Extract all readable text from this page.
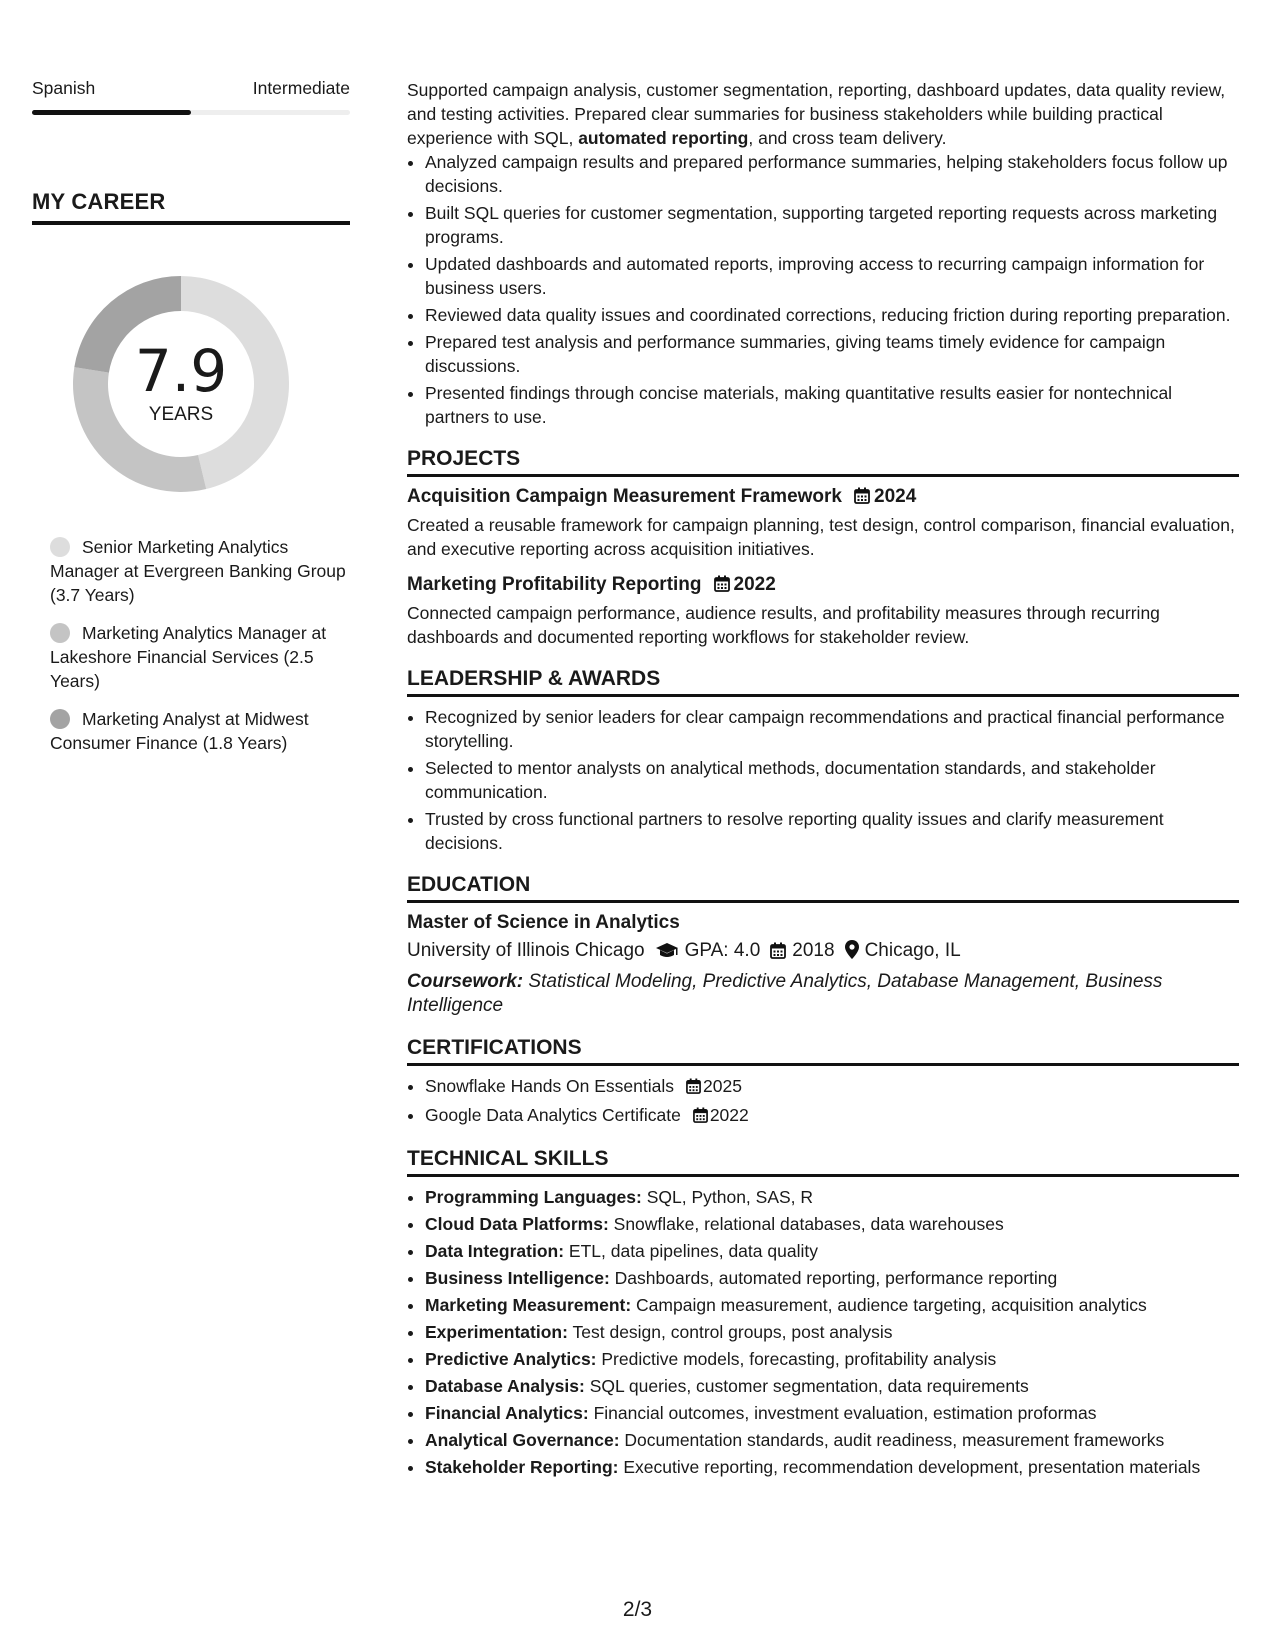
Spanish	Intermediate
MY CAREER
7.9
YEARS
Senior Marketing Analytics Manager at Evergreen Banking Group (3.7 Years)
Marketing Analytics Manager at Lakeshore Financial Services (2.5 Years)
Marketing Analyst at Midwest Consumer Finance (1.8 Years)

Supported campaign analysis, customer segmentation, reporting, dashboard updates, data quality review, and testing activities. Prepared clear summaries for business stakeholders while building practical experience with SQL, automated reporting, and cross team delivery.

• Analyzed campaign results and prepared performance summaries, helping stakeholders focus follow up decisions.
• Built SQL queries for customer segmentation, supporting targeted reporting requests across marketing programs.
• Updated dashboards and automated reports, improving access to recurring campaign information for business users.
• Reviewed data quality issues and coordinated corrections, reducing friction during reporting preparation.
• Prepared test analysis and performance summaries, giving teams timely evidence for campaign discussions.
• Presented findings through concise materials, making quantitative results easier for nontechnical partners to use.
PROJECTS
Acquisition Campaign Measurement Framework 2024

Created a reusable framework for campaign planning, test design, control comparison, financial evaluation, and executive reporting across acquisition initiatives.

Marketing Profitability Reporting 2022

Connected campaign performance, audience results, and profitability measures through recurring dashboards and documented reporting workflows for stakeholder review.

LEADERSHIP & AWARDS
• Recognized by senior leaders for clear campaign recommendations and practical financial performance storytelling.
• Selected to mentor analysts on analytical methods, documentation standards, and stakeholder communication.
• Trusted by cross functional partners to resolve reporting quality issues and clarify measurement decisions.
EDUCATION
Master of Science in Analytics
University of Illinois Chicago GPA: 4.0 2018 Chicago, IL

Coursework: Statistical Modeling, Predictive Analytics, Database Management, Business Intelligence

CERTIFICATIONS
• Snowflake Hands On Essentials 2025
• Google Data Analytics Certificate 2022
TECHNICAL SKILLS
• Programming Languages: SQL, Python, SAS, R
• Cloud Data Platforms: Snowflake, relational databases, data warehouses
• Data Integration: ETL, data pipelines, data quality
• Business Intelligence: Dashboards, automated reporting, performance reporting
• Marketing Measurement: Campaign measurement, audience targeting, acquisition analytics
• Experimentation: Test design, control groups, post analysis
• Predictive Analytics: Predictive models, forecasting, profitability analysis
• Database Analysis: SQL queries, customer segmentation, data requirements
• Financial Analytics: Financial outcomes, investment evaluation, estimation proformas
• Analytical Governance: Documentation standards, audit readiness, measurement frameworks
• Stakeholder Reporting: Executive reporting, recommendation development, presentation materials
2/3
